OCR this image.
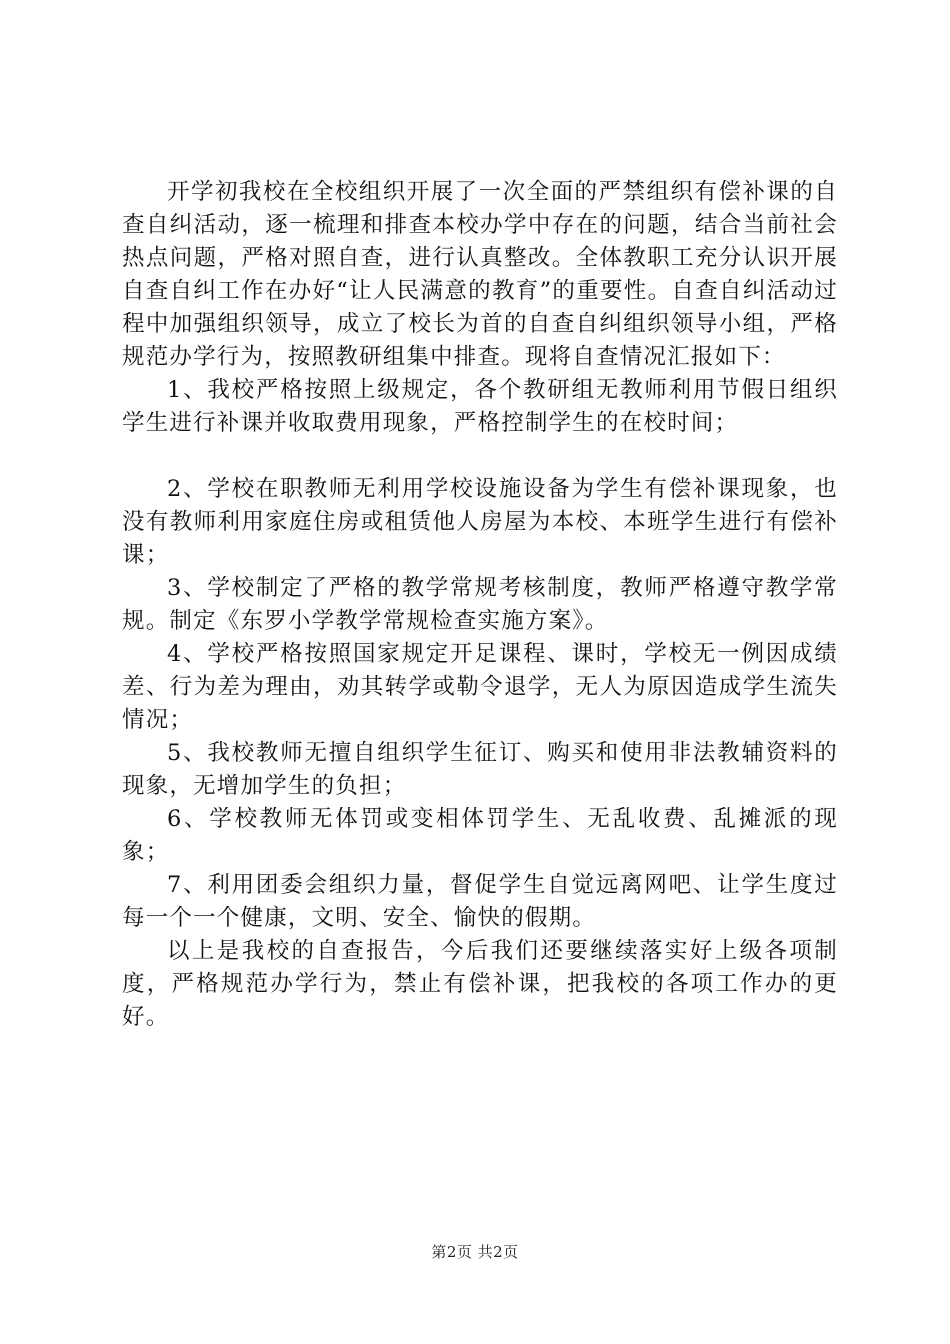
开学初我校在全校组织开展了一次全面的严禁组织有偿补课的自查自纠活动，逐一梳理和排查本校办学中存在的问题，结合当前社会热点问题，严格对照自查，进行认真整改。全体教职工充分认识开展自查自纠工作在办好“让人民满意的教育”的重要性。自查自纠活动过程中加强组织领导，成立了校长为首的自查自纠组织领导小组，严格规范办学行为，按照教研组集中排查。现将自查情况汇报如下：

1、我校严格按照上级规定，各个教研组无教师利用节假日组织学生进行补课并收取费用现象，严格控制学生的在校时间；

2、学校在职教师无利用学校设施设备为学生有偿补课现象，也没有教师利用家庭住房或租赁他人房屋为本校、本班学生进行有偿补课；

3、学校制定了严格的教学常规考核制度，教师严格遵守教学常规。制定《东罗小学教学常规检查实施方案》。

4、学校严格按照国家规定开足课程、课时，学校无一例因成绩差、行为差为理由，劝其转学或勒令退学，无人为原因造成学生流失情况；

5、我校教师无擅自组织学生征订、购买和使用非法教辅资料的现象，无增加学生的负担；

6、学校教师无体罚或变相体罚学生、无乱收费、乱摊派的现象；

7、利用团委会组织力量，督促学生自觉远离网吧、让学生度过每一个一个健康，文明、安全、愉快的假期。

以上是我校的自查报告，今后我们还要继续落实好上级各项制度，严格规范办学行为，禁止有偿补课，把我校的各项工作办的更好。

第2页 共2页
